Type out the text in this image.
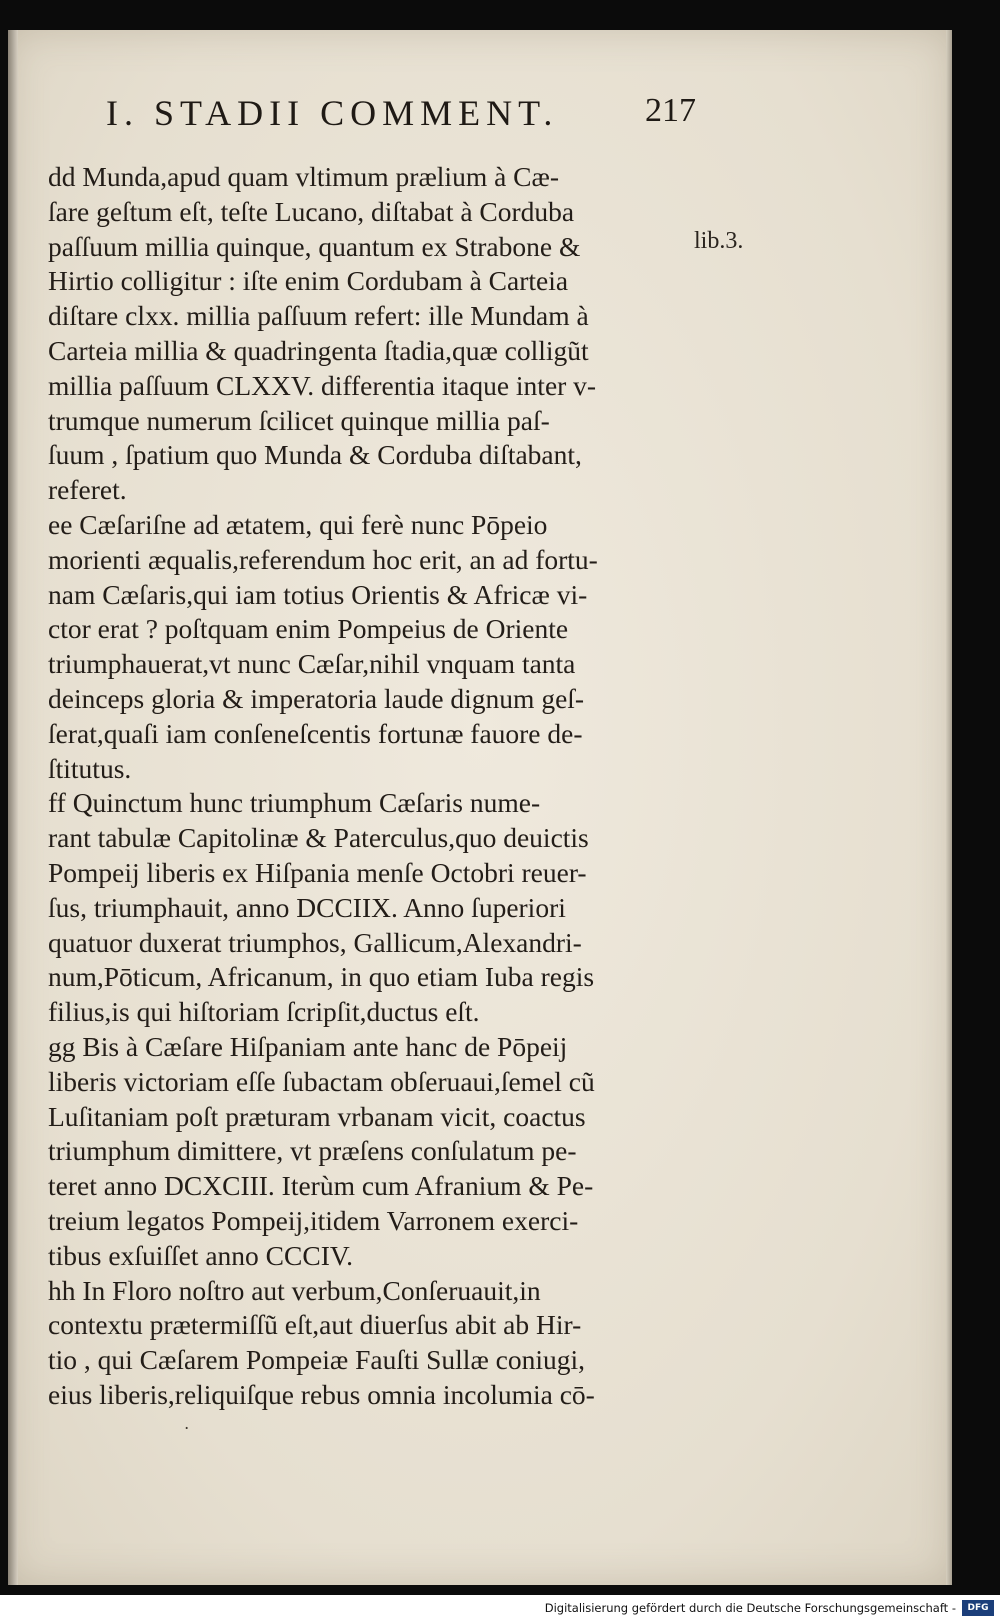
I. STADII COMMENT.	217
dd Munda,apud quam vltimum prælium à Cæ-
ſare geſtum eſt, teſte Lucano, diſtabat à Corduba
paſſuum millia quinque, quantum ex Strabone &
Hirtio colligitur : iſte enim Cordubam à Carteia
diſtare clxx. millia paſſuum refert: ille Mundam à
Carteia millia & quadringenta ſtadia,quæ colligũt
millia paſſuum CLXXV. differentia itaque inter v-
trumque numerum ſcilicet quinque millia paſ-
ſuum , ſpatium quo Munda & Corduba diſtabant,
referet.
ee Cæſariſne ad ætatem, qui ferè nunc Pōpeio
morienti æqualis,referendum hoc erit, an ad fortu-
nam Cæſaris,qui iam totius Orientis & Africæ vi-
ctor erat ? poſtquam enim Pompeius de Oriente
triumphauerat,vt nunc Cæſar,nihil vnquam tanta
deinceps gloria & imperatoria laude dignum geſ-
ſerat,quaſi iam conſeneſcentis fortunæ fauore de-
ſtitutus.
ff Quinctum hunc triumphum Cæſaris nume-
rant tabulæ Capitolinæ & Paterculus,quo deuictis
Pompeij liberis ex Hiſpania menſe Octobri reuer-
ſus, triumphauit, anno DCCIIX. Anno ſuperiori
quatuor duxerat triumphos, Gallicum,Alexandri-
num,Pōticum, Africanum, in quo etiam Iuba regis
filius,is qui hiſtoriam ſcripſit,ductus eſt.
gg Bis à Cæſare Hiſpaniam ante hanc de Pōpeij
liberis victoriam eſſe ſubactam obſeruaui,ſemel cũ
Luſitaniam poſt præturam vrbanam vicit, coactus
triumphum dimittere, vt præſens conſulatum pe-
teret anno DCXCIII. Iterùm cum Afranium & Pe-
treium legatos Pompeij,itidem Varronem exerci-
tibus exſuiſſet anno CCCIV.
hh In Floro noſtro aut verbum,Conſeruauit,in
contextu prætermiſſũ eſt,aut diuerſus abit ab Hir-
tio , qui Cæſarem Pompeiæ Fauſti Sullæ coniugi,
eius liberis,reliquiſque rebus omnia incolumia cō-
lib.3.
․
Digitalisierung gefördert durch die Deutsche Forschungsgemeinschaft -	DFG
